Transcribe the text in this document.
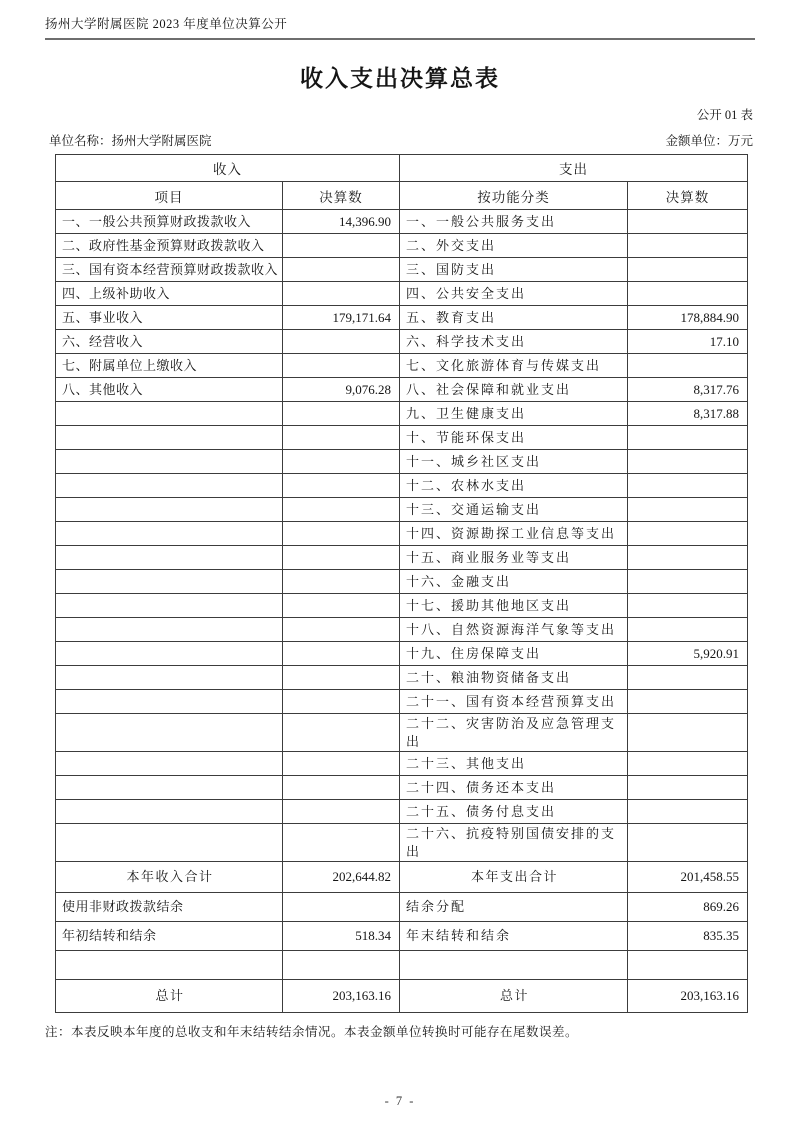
扬州大学附属医院 2023 年度单位决算公开
收入支出决算总表
公开 01 表
单位名称：扬州大学附属医院	金额单位：万元
收入		支出	
项目	决算数	按功能分类	决算数
一、一般公共预算财政拨款收入	14,396.90	一、一般公共服务支出	
二、政府性基金预算财政拨款收入		二、外交支出	
三、国有资本经营预算财政拨款收入		三、国防支出	
四、上级补助收入		四、公共安全支出	
五、事业收入	179,171.64	五、教育支出	178,884.90
六、经营收入		六、科学技术支出	17.10
七、附属单位上缴收入		七、文化旅游体育与传媒支出	
八、其他收入	9,076.28	八、社会保障和就业支出	8,317.76
		九、卫生健康支出	8,317.88
		十、节能环保支出	
		十一、城乡社区支出	
		十二、农林水支出	
		十三、交通运输支出	
		十四、资源勘探工业信息等支出	
		十五、商业服务业等支出	
		十六、金融支出	
		十七、援助其他地区支出	
		十八、自然资源海洋气象等支出	
		十九、住房保障支出	5,920.91
		二十、粮油物资储备支出	
		二十一、国有资本经营预算支出	
		二十二、灾害防治及应急管理支出	
		二十三、其他支出	
		二十四、债务还本支出	
		二十五、债务付息支出	
		二十六、抗疫特别国债安排的支出	
本年收入合计	202,644.82	本年支出合计	201,458.55
使用非财政拨款结余		结余分配	869.26
年初结转和结余	518.34	年末结转和结余	835.35

总计	203,163.16	总计	203,163.16
注：本表反映本年度的总收支和年末结转结余情况。本表金额单位转换时可能存在尾数误差。
- 7 -
